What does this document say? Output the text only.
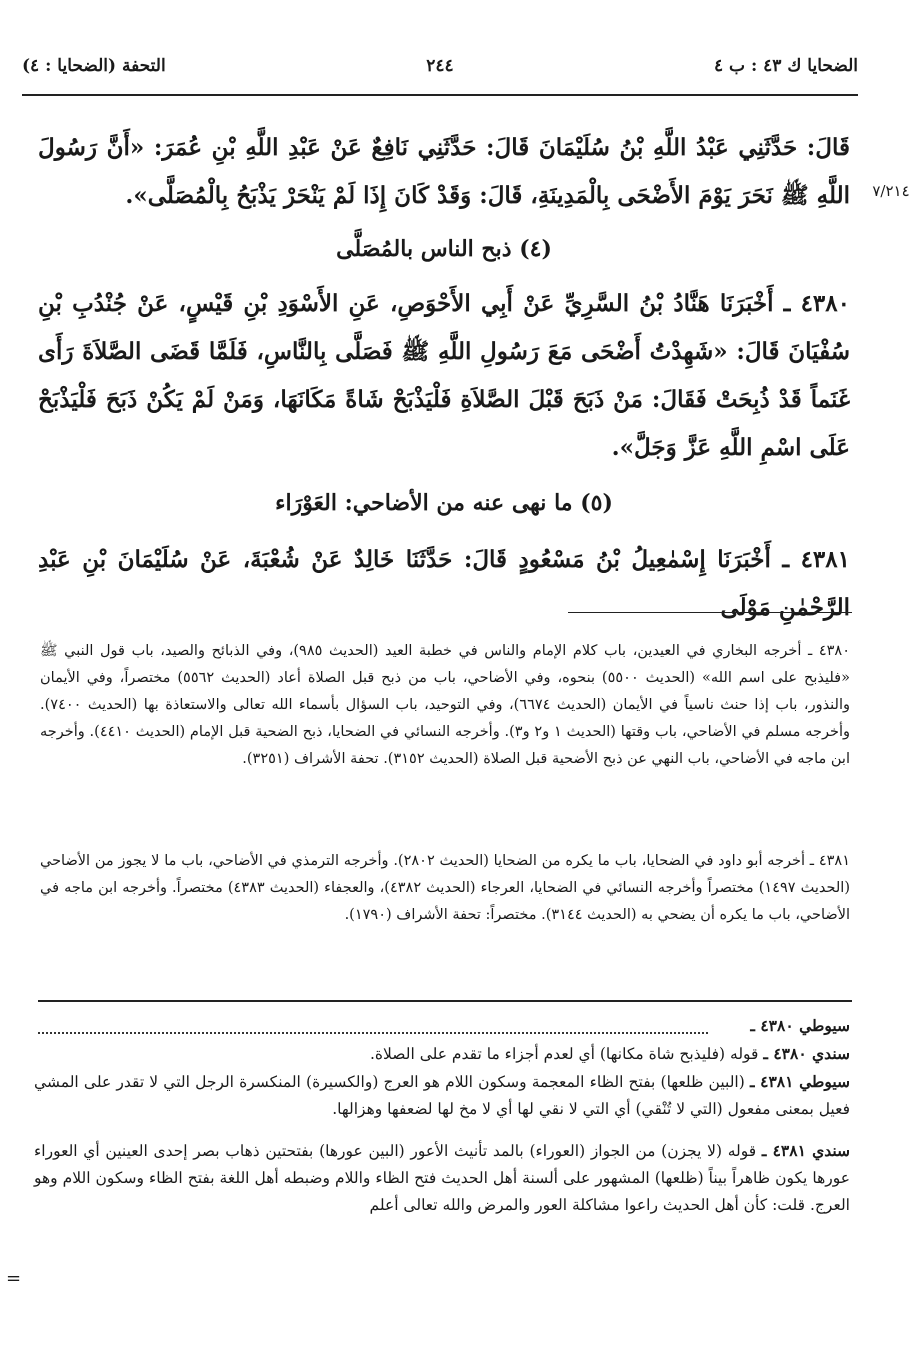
الضحايا ك ٤٣ : ب ٤
٢٤٤
التحفة (الضحايا : ٤)
٧/٢١٤

قَالَ: حَدَّثَنِي عَبْدُ اللَّهِ بْنُ سُلَيْمَانَ قَالَ: حَدَّثَنِي نَافِعٌ عَنْ عَبْدِ اللَّهِ بْنِ عُمَرَ: «أَنَّ رَسُولَ اللَّهِ ﷺ نَحَرَ يَوْمَ الأَضْحَى بِالْمَدِينَةِ، قَالَ: وَقَدْ كَانَ إِذَا لَمْ يَنْحَرْ يَذْبَحُ بِالْمُصَلَّى».

(٤) ذبح الناس بالمُصَلَّى

٤٣٨٠ ـ أَخْبَرَنَا هَنَّادُ بْنُ السَّرِيِّ عَنْ أَبِي الأَحْوَصِ، عَنِ الأَسْوَدِ بْنِ قَيْسٍ، عَنْ جُنْدُبِ بْنِ سُفْيَانَ قَالَ: «شَهِدْتُ أَضْحَى مَعَ رَسُولِ اللَّهِ ﷺ فَصَلَّى بِالنَّاسِ، فَلَمَّا قَضَى الصَّلاَةَ رَأَى غَنَماً قَدْ ذُبِحَتْ فَقَالَ: مَنْ ذَبَحَ قَبْلَ الصَّلاَةِ فَلْيَذْبَحْ شَاةً مَكَانَهَا، وَمَنْ لَمْ يَكُنْ ذَبَحَ فَلْيَذْبَحْ عَلَى اسْمِ اللَّهِ عَزَّ وَجَلَّ».

(٥) ما نهى عنه من الأضاحي: العَوْرَاء

٤٣٨١ ـ أَخْبَرَنَا إِسْمٰعِيلُ بْنُ مَسْعُودٍ قَالَ: حَدَّثَنَا خَالِدٌ عَنْ شُعْبَةَ، عَنْ سُلَيْمَانَ بْنِ عَبْدِ الرَّحْمٰنِ مَوْلَى

٤٣٨٠ ـ أخرجه البخاري في العيدين، باب كلام الإمام والناس في خطبة العيد (الحديث ٩٨٥)، وفي الذبائح والصيد، باب قول النبي ﷺ «فليذبح على اسم الله» (الحديث ٥٥٠٠) بنحوه، وفي الأضاحي، باب من ذبح قبل الصلاة أعاد (الحديث ٥٥٦٢) مختصراً، وفي الأيمان والنذور، باب إذا حنث ناسياً في الأيمان (الحديث ٦٦٧٤)، وفي التوحيد، باب السؤال بأسماء الله تعالى والاستعاذة بها (الحديث ٧٤٠٠). وأخرجه مسلم في الأضاحي، باب وقتها (الحديث ١ و٢ و٣). وأخرجه النسائي في الضحايا، ذبح الضحية قبل الإمام (الحديث ٤٤١٠). وأخرجه ابن ماجه في الأضاحي، باب النهي عن ذبح الأضحية قبل الصلاة (الحديث ٣١٥٢). تحفة الأشراف (٣٢٥١).

٤٣٨١ ـ أخرجه أبو داود في الضحايا، باب ما يكره من الضحايا (الحديث ٢٨٠٢). وأخرجه الترمذي في الأضاحي، باب ما لا يجوز من الأضاحي (الحديث ١٤٩٧) مختصراً وأخرجه النسائي في الضحايا، العرجاء (الحديث ٤٣٨٢)، والعجفاء (الحديث ٤٣٨٣) مختصراً. وأخرجه ابن ماجه في الأضاحي، باب ما يكره أن يضحي به (الحديث ٣١٤٤). مختصراً: تحفة الأشراف (١٧٩٠).

سيوطي ٤٣٨٠ ـ

سندي ٤٣٨٠ ـ قوله (فليذبح شاة مكانها) أي لعدم أجزاء ما تقدم على الصلاة.

سيوطي ٤٣٨١ ـ (البين ظلعها) بفتح الظاء المعجمة وسكون اللام هو العرج (والكسيرة) المنكسرة الرجل التي لا تقدر على المشي فعيل بمعنى مفعول (التي لا تُنْقي) أي التي لا نقي لها أي لا مخ لها لضعفها وهزالها.

سندي ٤٣٨١ ـ قوله (لا يجزن) من الجواز (العوراء) بالمد تأنيث الأعور (البين عورها) بفتحتين ذهاب بصر إحدى العينين أي العوراء عورها يكون ظاهراً بيناً (ظلعها) المشهور على ألسنة أهل الحديث فتح الظاء واللام وضبطه أهل اللغة بفتح الظاء وسكون اللام وهو العرج. قلت: كأن أهل الحديث راعوا مشاكلة العور والمرض والله تعالى أعلم

=
